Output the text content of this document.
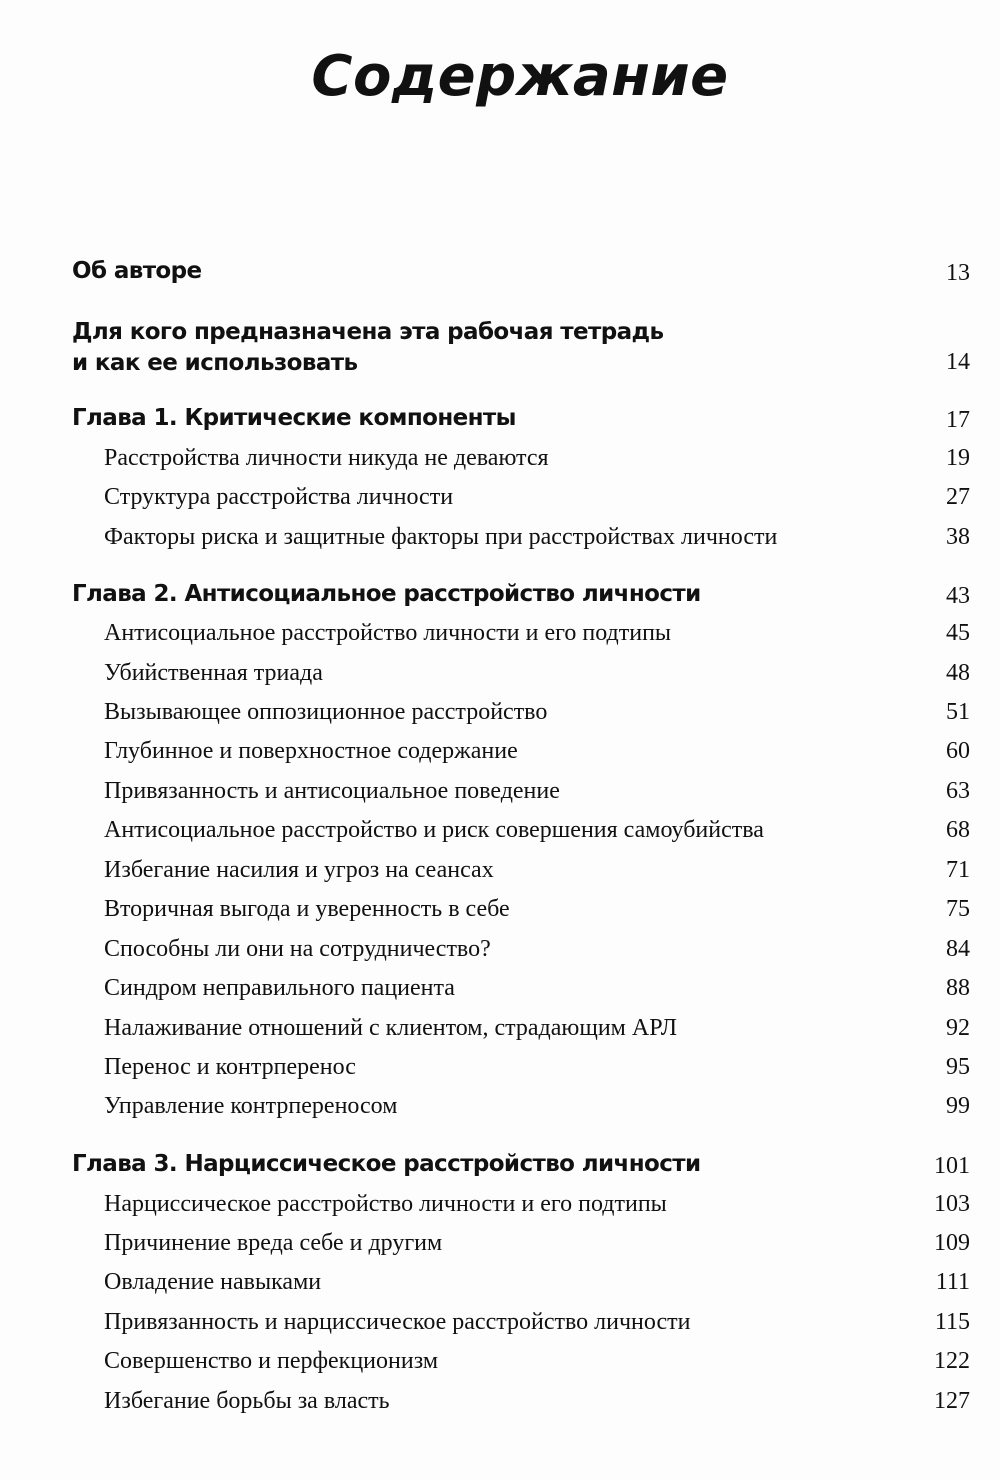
Содержание
Об авторе	13
Для кого предназначена эта рабочая тетрадь
и как ее использовать	14
Глава 1. Критические компоненты	17
Расстройства личности никуда не деваются	19
Структура расстройства личности	27
Факторы риска и защитные факторы при расстройствах личности	38
Глава 2. Антисоциальное расстройство личности	43
Антисоциальное расстройство личности и его подтипы	45
Убийственная триада	48
Вызывающее оппозиционное расстройство	51
Глубинное и поверхностное содержание	60
Привязанность и антисоциальное поведение	63
Антисоциальное расстройство и риск совершения самоубийства	68
Избегание насилия и угроз на сеансах	71
Вторичная выгода и уверенность в себе	75
Способны ли они на сотрудничество?	84
Синдром неправильного пациента	88
Налаживание отношений с клиентом, страдающим АРЛ	92
Перенос и контрперенос	95
Управление контрпереносом	99
Глава 3. Нарциссическое расстройство личности	101
Нарциссическое расстройство личности и его подтипы	103
Причинение вреда себе и другим	109
Овладение навыками	111
Привязанность и нарциссическое расстройство личности	115
Совершенство и перфекционизм	122
Избегание борьбы за власть	127
